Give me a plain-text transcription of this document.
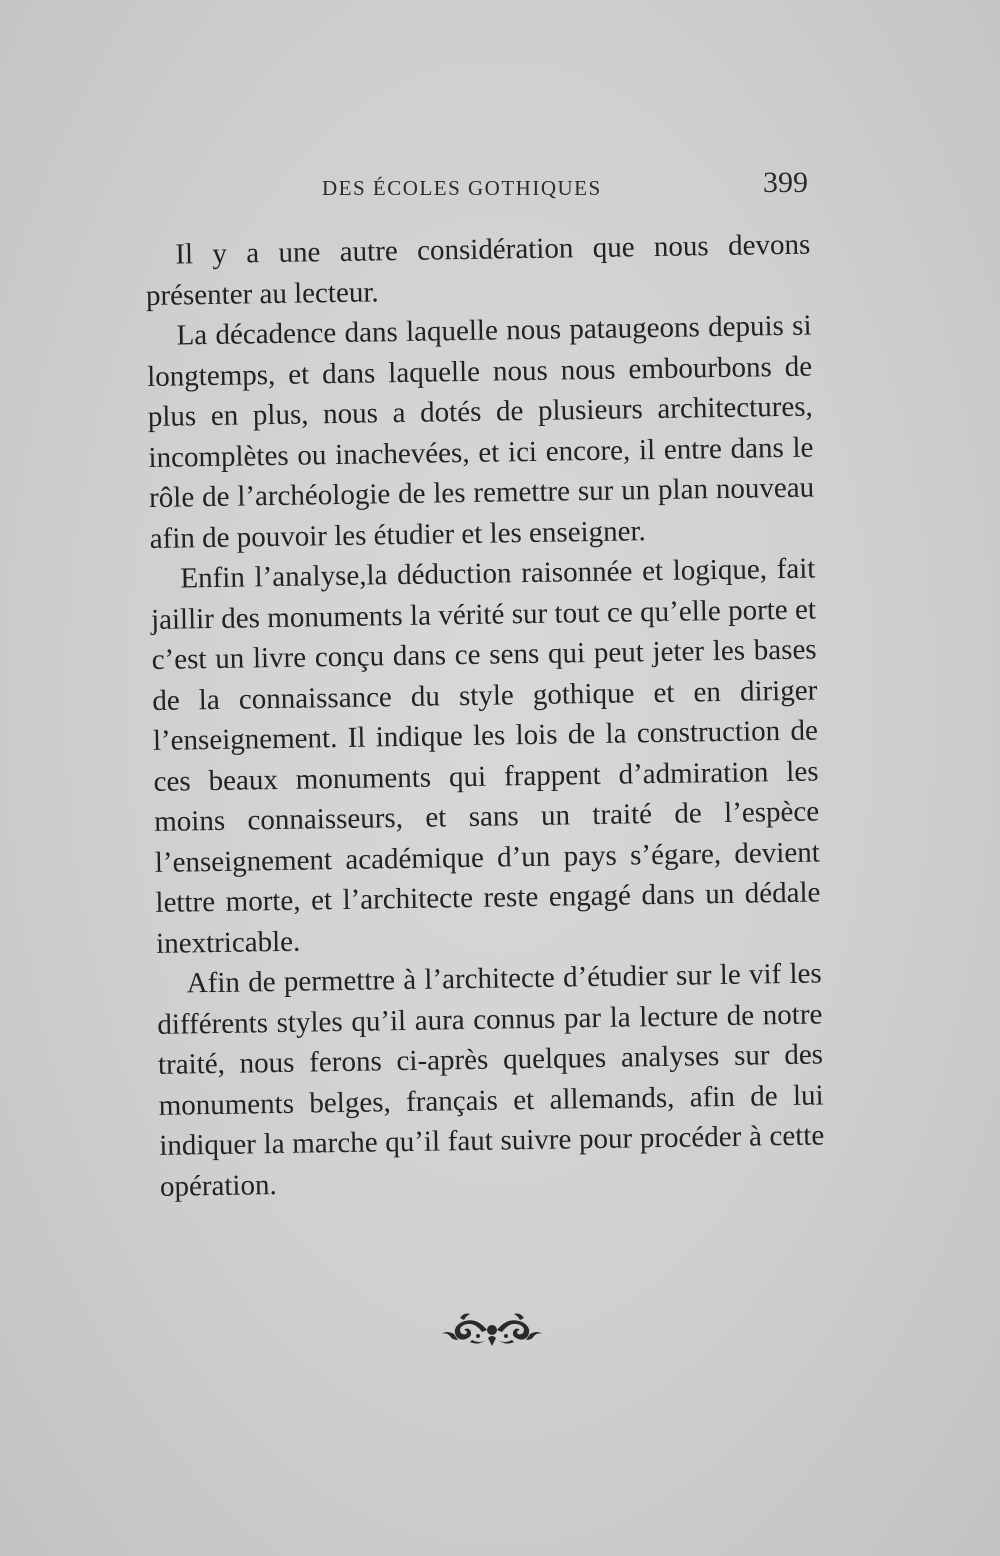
DES ÉCOLES GOTHIQUES	399

Il y a une autre considération que nous devons présenter au lecteur.

La décadence dans laquelle nous pataugeons depuis si longtemps, et dans laquelle nous nous embourbons de plus en plus, nous a dotés de plusieurs architectures, incomplètes ou inachevées, et ici encore, il entre dans le rôle de l’archéologie de les remettre sur un plan nouveau afin de pouvoir les étudier et les enseigner.

Enfin l’analyse,la déduction raisonnée et logique, fait jaillir des monuments la vérité sur tout ce qu’elle porte et c’est un livre conçu dans ce sens qui peut jeter les bases de la connaissance du style gothique et en diriger l’enseignement. Il indique les lois de la construction de ces beaux monuments qui frappent d’admiration les moins connaisseurs, et sans un traité de l’espèce l’enseignement académique d’un pays s’égare, devient lettre morte, et l’architecte reste engagé dans un dédale inextricable.

Afin de permettre à l’architecte d’étudier sur le vif les différents styles qu’il aura connus par la lecture de notre traité, nous ferons ci-après quelques analyses sur des monuments belges, français et allemands, afin de lui indiquer la marche qu’il faut suivre pour procéder à cette opération.
